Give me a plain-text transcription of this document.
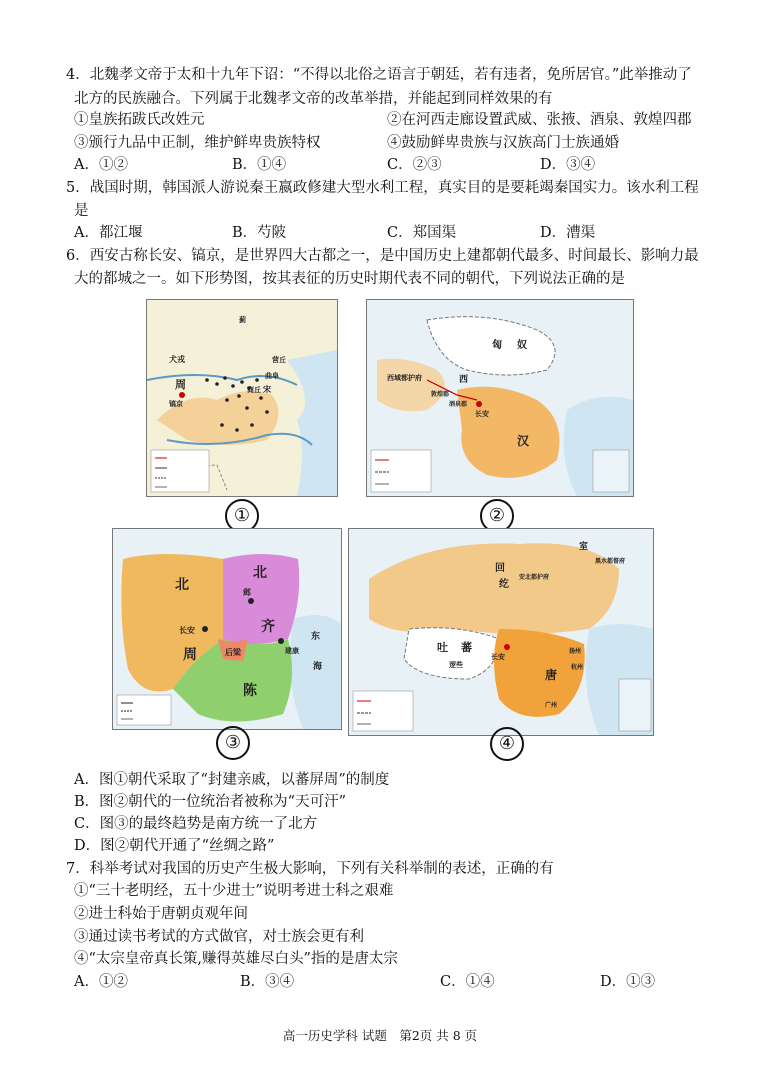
4．北魏孝文帝于太和十九年下诏：“不得以北俗之语言于朝廷，若有违者，免所居官。”此举推动了
北方的民族融合。下列属于北魏孝文帝的改革举措，并能起到同样效果的有
①皇族拓跋氏改姓元	②在河西走廊设置武威、张掖、酒泉、敦煌四郡
③颁行九品中正制，维护鲜卑贵族特权	④鼓励鲜卑贵族与汉族高门士族通婚
A．①②	B．①④	C．②③	D．③④
5．战国时期，韩国派人游说秦王嬴政修建大型水利工程，真实目的是要耗竭秦国实力。该水利工程
是
A．都江堰	B．芍陂	C．郑国渠	D．漕渠
6．西安古称长安、镐京，是世界四大古都之一，是中国历史上建都朝代最多、时间最长、影响力最
大的都城之一。如下形势图，按其表征的历史时期代表不同的朝代，下列说法正确的是
犬戎
周
镐京
营丘
曲阜
商丘 宋
蓟
①
匈 奴
西域都护府
敦煌郡
酒泉郡
长安
汉
西
②
北
周
北
齐
邺
长安
陈
建康
后梁
东
海
③
室
黑水都督府
回
纥
安北都护府
唐
长安
吐 蕃
逻些
扬州
杭州
广州
④
A．图①朝代采取了“封建亲戚，以蕃屏周”的制度
B．图②朝代的一位统治者被称为“天可汗”
C．图③的最终趋势是南方统一了北方
D．图②朝代开通了“丝绸之路”
7．科举考试对我国的历史产生极大影响，下列有关科举制的表述，正确的有
①“三十老明经，五十少进士”说明考进士科之艰难
②进士科始于唐朝贞观年间
③通过读书考试的方式做官，对士族会更有利
④“太宗皇帝真长策,赚得英雄尽白头”指的是唐太宗
A．①②	B．③④	C．①④	D．①③
高一历史学科 试题　第2页 共 8 页
